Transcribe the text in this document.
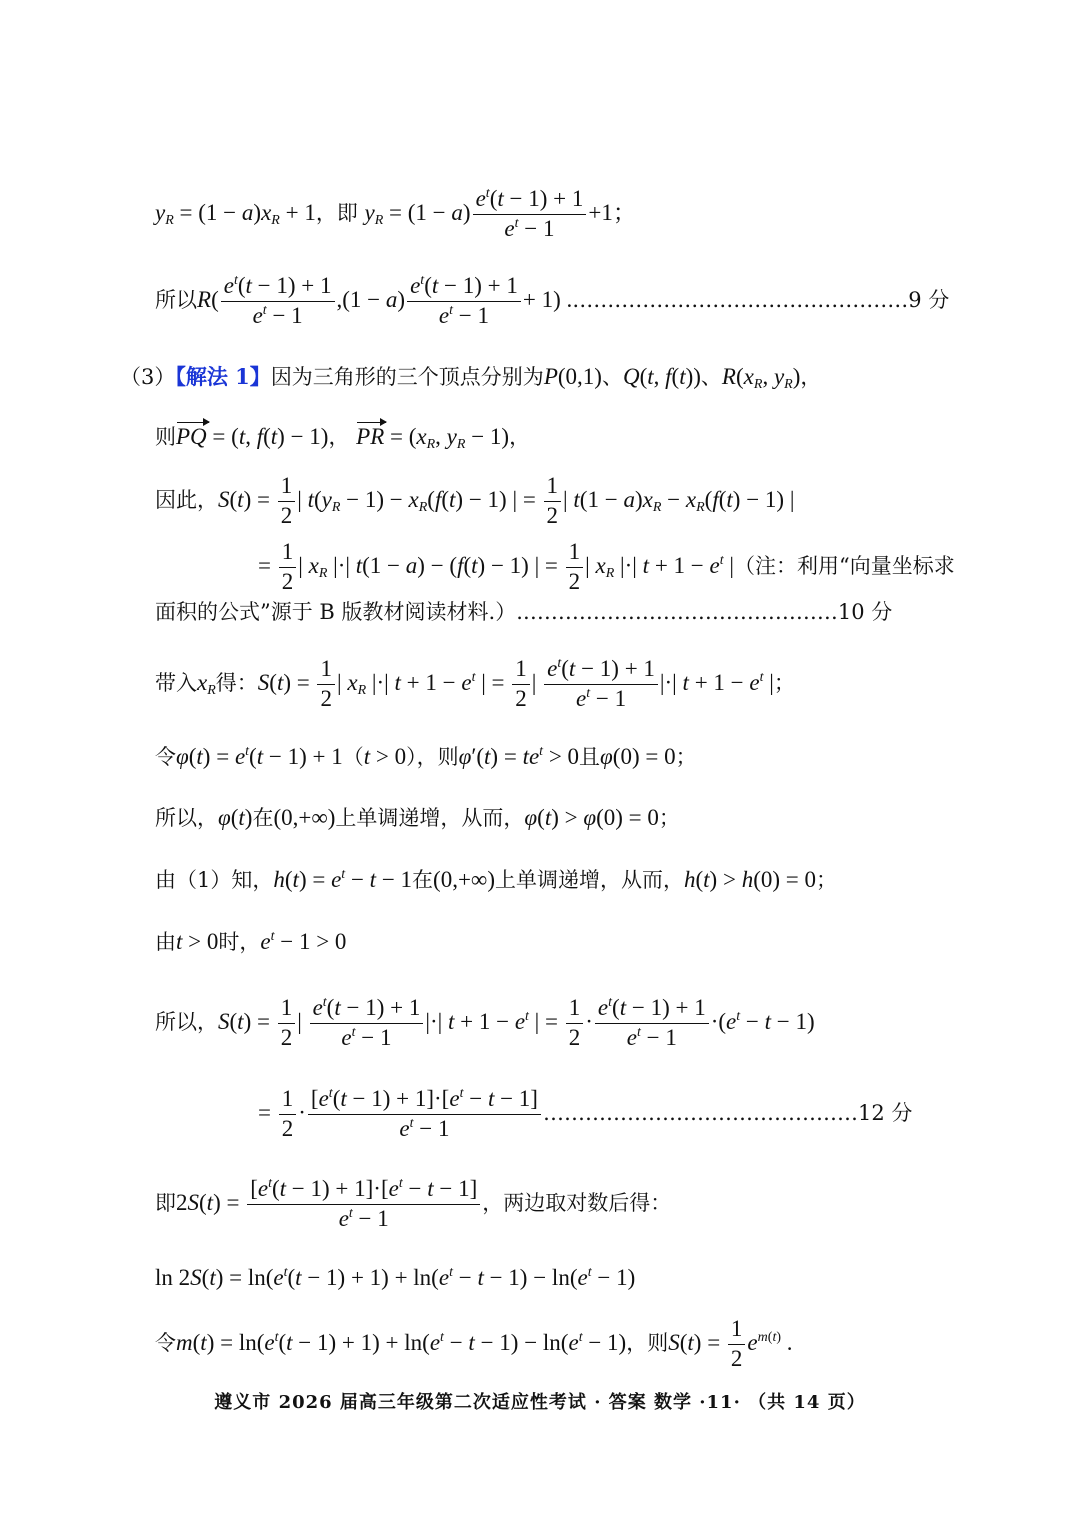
$y_R = (1 - a)x_R + 1$，即 $y_R = (1 - a) \frac{e^t(t - 1) + 1}{e^t - 1} +1$；
所以$R( \frac{e^t(t - 1) + 1}{e^t - 1} ,(1 - a) \frac{e^t(t - 1) + 1}{e^t - 1} + 1)$ .…………………………………………9 分
（3）【解法 1】因为三角形的三个顶点分别为P(0,1)、Q(t, f(t))、$R(x_R$, $y_R$)，
则PQ = (t, f(t) − 1)， PR = ($x_R$, $y_R - 1$)，
因此，$S(t) = \frac{1}{2}$ | $t(y_R - 1) - x_R(f(t) - 1)$ | = $\frac{1}{2}$ | $t(1 - a)x_R - x_R(f(t) - 1)$ |
= $\frac{1}{2}$ | $x_R$ |·| t(1 − a) − (f(t) − 1) | = $\frac{1}{2}$ | $x_R$ |·| $t + 1 - e^t$ |（注：利用“向量坐标求
面积的公式”源于 B 版教材阅读材料.）.………………………………………10 分
带入$x_R$得：$S(t) = \frac{1}{2}$ | $x_R$ |·| $t + 1 - e^t$ | = $\frac{1}{2}$ | $\frac{e^t(t - 1) + 1}{e^t - 1}$ |·| $t + 1 - e^t$ |；
令$\varphi(t) = e^t(t - 1) + 1(t > 0)$，则$\varphi'(t) = te^t > 0$且φ(0) = 0；
所以，φ(t)在(0,+∞)上单调递增，从而，φ(t) > φ(0) = 0；
由（1）知，$h(t) = e^t - t - 1$在(0,+∞)上单调递增，从而，h(t) > h(0) = 0；
由t > 0时，$e^t - 1 > 0$
所以，$S(t) = \frac{1}{2}$ | $\frac{e^t(t - 1) + 1}{e^t - 1}$ |·| $t + 1 - e^t$ | = $\frac{1}{2} \cdot \frac{e^t(t - 1) + 1}{e^t - 1} \cdot(e^t - t - 1)$
= $\frac{1}{2} \cdot \frac{[e^t(t - 1) + 1]\cdot[e^t - t - 1]}{e^t - 1}$ ………………………………………12 分
即$2S(t) = \frac{[e^t(t - 1) + 1]\cdot[e^t - t - 1]}{e^t - 1}$ ，两边取对数后得：
$\ln 2S(t) = \ln(e^t(t - 1) + 1) + \ln(e^t - t - 1) - \ln(e^t - 1)$
令$m(t) = \ln(e^t(t - 1) + 1) + \ln(e^t - t - 1) - \ln(e^t - 1)$，则$S(t) = \frac{1}{2} e^{m(t)}$ .
遵义市 2026 届高三年级第二次适应性考试 · 答案 数学 ·11· （共 14 页）
